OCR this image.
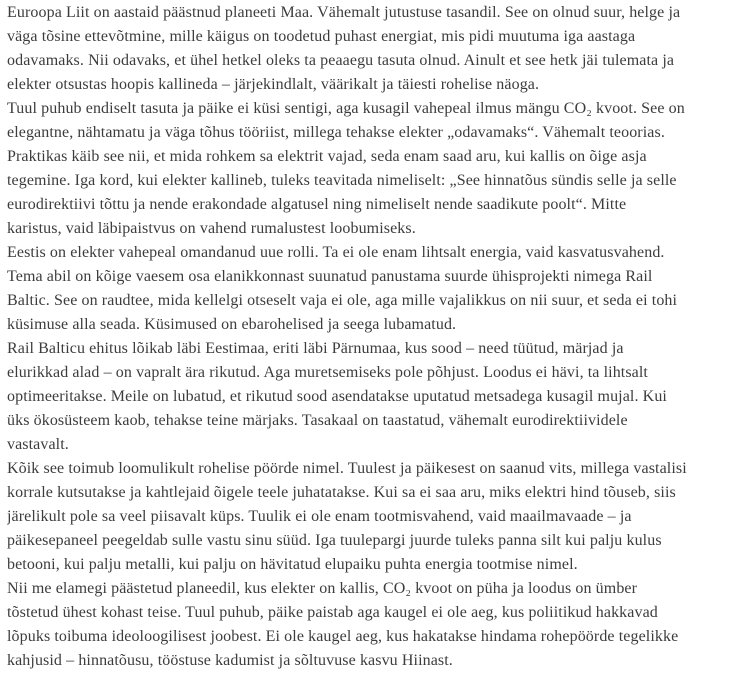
Euroopa Liit on aastaid päästnud planeeti Maa. Vähemalt jutustuse tasandil. See on olnud suur, helge ja
väga tõsine ettevõtmine, mille käigus on toodetud puhast energiat, mis pidi muutuma iga aastaga
odavamaks. Nii odavaks, et ühel hetkel oleks ta peaaegu tasuta olnud. Ainult et see hetk jäi tulemata ja
elekter otsustas hoopis kallineda – järjekindlalt, väärikalt ja täiesti rohelise näoga.

Tuul puhub endiselt tasuta ja päike ei küsi sentigi, aga kusagil vahepeal ilmus mängu CO₂ kvoot. See on
elegantne, nähtamatu ja väga tõhus tööriist, millega tehakse elekter „odavamaks“. Vähemalt teoorias.
Praktikas käib see nii, et mida rohkem sa elektrit vajad, seda enam saad aru, kui kallis on õige asja
tegemine. Iga kord, kui elekter kallineb, tuleks teavitada nimeliselt: „See hinnatõus sündis selle ja selle
eurodirektiivi tõttu ja nende erakondade algatusel ning nimeliselt nende saadikute poolt“. Mitte
karistus, vaid läbipaistvus on vahend rumalustest loobumiseks.

Eestis on elekter vahepeal omandanud uue rolli. Ta ei ole enam lihtsalt energia, vaid kasvatusvahend.
Tema abil on kõige vaesem osa elanikkonnast suunatud panustama suurde ühisprojekti nimega Rail
Baltic. See on raudtee, mida kellelgi otseselt vaja ei ole, aga mille vajalikkus on nii suur, et seda ei tohi
küsimuse alla seada. Küsimused on ebarohelised ja seega lubamatud.

Rail Balticu ehitus lõikab läbi Eestimaa, eriti läbi Pärnumaa, kus sood – need tüütud, märjad ja
elurikkad alad – on vapralt ära rikutud. Aga muretsemiseks pole põhjust. Loodus ei hävi, ta lihtsalt
optimeeritakse. Meile on lubatud, et rikutud sood asendatakse uputatud metsadega kusagil mujal. Kui
üks ökosüsteem kaob, tehakse teine märjaks. Tasakaal on taastatud, vähemalt eurodirektiividele
vastavalt.

Kõik see toimub loomulikult rohelise pöörde nimel. Tuulest ja päikesest on saanud vits, millega vastalisi
korrale kutsutakse ja kahtlejaid õigele teele juhatatakse. Kui sa ei saa aru, miks elektri hind tõuseb, siis
järelikult pole sa veel piisavalt küps. Tuulik ei ole enam tootmisvahend, vaid maailmavaade – ja
päikesepaneel peegeldab sulle vastu sinu süüd. Iga tuulepargi juurde tuleks panna silt kui palju kulus
betooni, kui palju metalli, kui palju on hävitatud elupaiku puhta energia tootmise nimel.

Nii me elamegi päästetud planeedil, kus elekter on kallis, CO₂ kvoot on püha ja loodus on ümber
tõstetud ühest kohast teise. Tuul puhub, päike paistab aga kaugel ei ole aeg, kus poliitikud hakkavad
lõpuks toibuma ideoloogilisest joobest. Ei ole kaugel aeg, kus hakatakse hindama rohepöörde tegelikke
kahjusid – hinnatõusu, tööstuse kadumist ja sõltuvuse kasvu Hiinast.
